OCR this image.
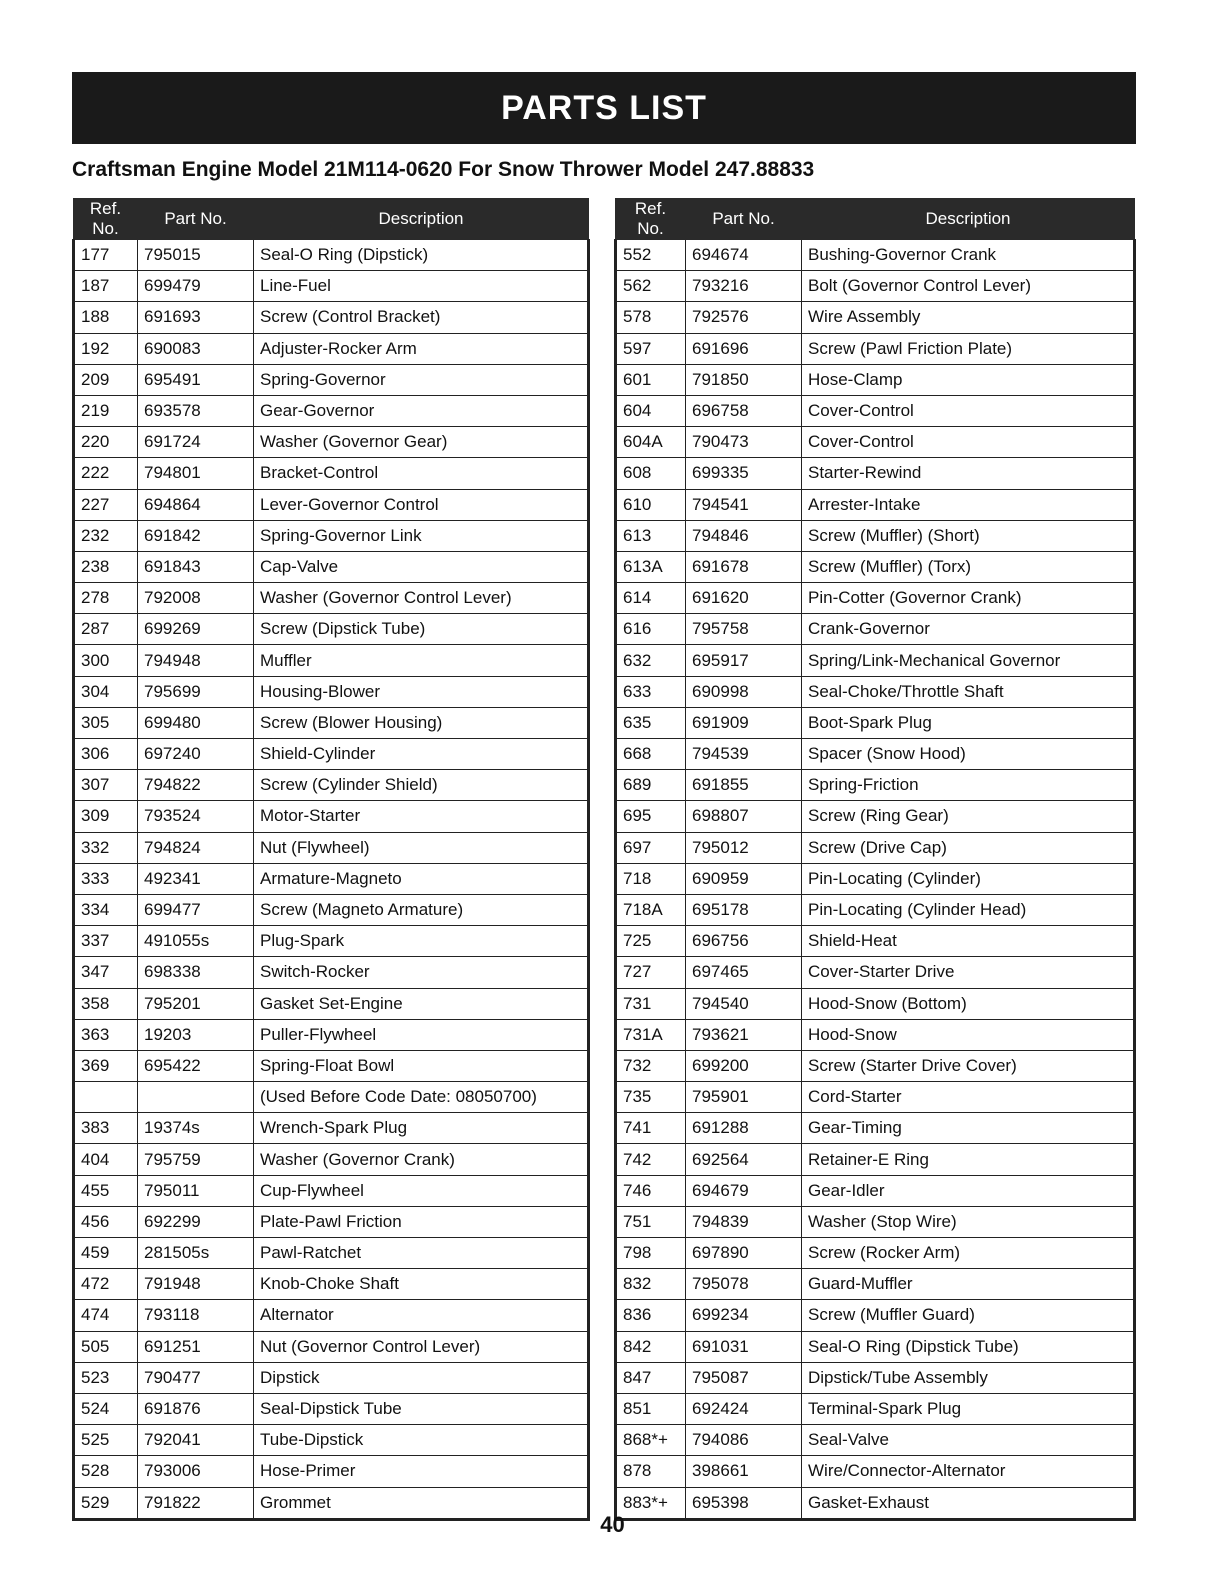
PARTS LIST
Craftsman Engine Model 21M114-0620 For Snow Thrower Model 247.88833
Ref. No.	Part No.	Description
177	795015	Seal-O Ring (Dipstick)
187	699479	Line-Fuel
188	691693	Screw (Control Bracket)
192	690083	Adjuster-Rocker Arm
209	695491	Spring-Governor
219	693578	Gear-Governor
220	691724	Washer (Governor Gear)
222	794801	Bracket-Control
227	694864	Lever-Governor Control
232	691842	Spring-Governor Link
238	691843	Cap-Valve
278	792008	Washer (Governor Control Lever)
287	699269	Screw (Dipstick Tube)
300	794948	Muffler
304	795699	Housing-Blower
305	699480	Screw (Blower Housing)
306	697240	Shield-Cylinder
307	794822	Screw (Cylinder Shield)
309	793524	Motor-Starter
332	794824	Nut (Flywheel)
333	492341	Armature-Magneto
334	699477	Screw (Magneto Armature)
337	491055s	Plug-Spark
347	698338	Switch-Rocker
358	795201	Gasket Set-Engine
363	19203	Puller-Flywheel
369	695422	Spring-Float Bowl
		(Used Before Code Date: 08050700)
383	19374s	Wrench-Spark Plug
404	795759	Washer (Governor Crank)
455	795011	Cup-Flywheel
456	692299	Plate-Pawl Friction
459	281505s	Pawl-Ratchet
472	791948	Knob-Choke Shaft
474	793118	Alternator
505	691251	Nut (Governor Control Lever)
523	790477	Dipstick
524	691876	Seal-Dipstick Tube
525	792041	Tube-Dipstick
528	793006	Hose-Primer
529	791822	Grommet
Ref. No.	Part No.	Description
552	694674	Bushing-Governor Crank
562	793216	Bolt (Governor Control Lever)
578	792576	Wire Assembly
597	691696	Screw (Pawl Friction Plate)
601	791850	Hose-Clamp
604	696758	Cover-Control
604A	790473	Cover-Control
608	699335	Starter-Rewind
610	794541	Arrester-Intake
613	794846	Screw (Muffler) (Short)
613A	691678	Screw (Muffler) (Torx)
614	691620	Pin-Cotter (Governor Crank)
616	795758	Crank-Governor
632	695917	Spring/Link-Mechanical Governor
633	690998	Seal-Choke/Throttle Shaft
635	691909	Boot-Spark Plug
668	794539	Spacer (Snow Hood)
689	691855	Spring-Friction
695	698807	Screw (Ring Gear)
697	795012	Screw (Drive Cap)
718	690959	Pin-Locating (Cylinder)
718A	695178	Pin-Locating (Cylinder Head)
725	696756	Shield-Heat
727	697465	Cover-Starter Drive
731	794540	Hood-Snow (Bottom)
731A	793621	Hood-Snow
732	699200	Screw (Starter Drive Cover)
735	795901	Cord-Starter
741	691288	Gear-Timing
742	692564	Retainer-E Ring
746	694679	Gear-Idler
751	794839	Washer (Stop Wire)
798	697890	Screw (Rocker Arm)
832	795078	Guard-Muffler
836	699234	Screw (Muffler Guard)
842	691031	Seal-O Ring (Dipstick Tube)
847	795087	Dipstick/Tube Assembly
851	692424	Terminal-Spark Plug
868*+	794086	Seal-Valve
878	398661	Wire/Connector-Alternator
883*+	695398	Gasket-Exhaust
40
